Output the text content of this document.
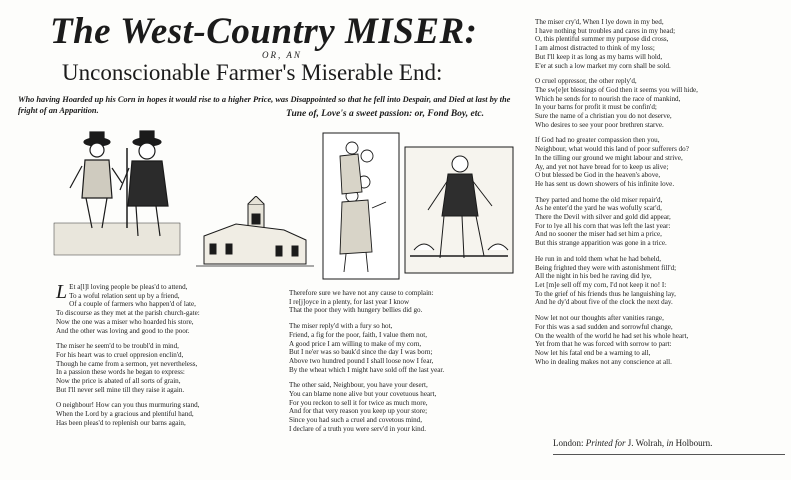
The West-Country MISER:
OR, AN
Unconscionable Farmer's Miserable End:
Who having Hoarded up his Corn in hopes it would rise to a higher Price, was Disappointed so that he fell into Despair, and Died at last by the fright of an Apparition.	Tune of, Love's a sweet passion: or, Fond Boy, etc.

L Et a[l]l loving people be pleas'd to attend,
To a woful relation sent up by a friend,
Of a couple of farmers who happen'd of late,
To discourse as they met at the parish church-gate:
Now the one was a miser who hoarded his store,
And the other was loving and good to the poor.

The miser he seem'd to be troubl'd in mind,
For his heart was to cruel oppresion enclin'd,
Though he came from a sermon, yet nevertheless,
In a passion these words he began to express:
Now the price is abated of all sorts of grain,
But I'll never sell mine till they raise it again.

O neighbour! How can you thus murmuring stand,
When the Lord by a gracious and plentiful hand,
Has been pleas'd to replenish our barns again,

Therefore sure we have not any cause to complain:
I re[j]oyce in a plenty, for last year I know
That the poor they with hungery bellies did go.

The miser reply'd with a fury so hot,
Friend, a fig for the poor, faith, I value them not,
A good price I am willing to make of my corn,
But I ne'er was so bauk'd since the day I was born;
Above two hundred pound I shall loose now I fear,
By the wheat which I might have sold off the last year.

The other said, Neighbour, you have your desert,
You can blame none alive but your covetuous heart,
For you reckon to sell it for twice as much more,
And for that very reason you keep up your store;
Since you had such a cruel and covetous mind,
I declare of a truth you were serv'd in your kind.

The miser cry'd, When I lye down in my bed,
I have nothing but troubles and cares in my head;
O, this plentiful summer my purpose did cross,
I am almost distracted to think of my loss;
But I'll keep it as long as my barns will hold,
E'er at such a low market my corn shall be sold.

O cruel oppressor, the other reply'd,
The sw[e]et blessings of God then it seems you will hide,
Which he sends for to nourish the race of mankind,
In your barns for profit it must be confin'd;
Sure the name of a christian you do not deserve,
Who desires to see your poor brethren starve.

If God had no greater compassion then you,
Neighbour, what would this land of poor sufferers do?
In the tilling our ground we might labour and strive,
Ay, and yet not have bread for to keep us alive;
O but blessed be God in the heaven's above,
He has sent us down showers of his infinite love.

They parted and home the old miser repair'd,
As he enter'd the yard he was wofully scar'd,
There the Devil with silver and gold did appear,
For to lye all his corn that was left the last year:
And no sooner the miser had set him a price,
But this strange apparition was gone in a trice.

He run in and told them what he had beheld,
Being frighted they were with astonishment fill'd;
All the night in his bed he raving did lye,
Let [m]e sell off my corn, I'd not keep it no! I:
To the grief of his friends thus he languishing lay,
And he dy'd about five of the clock the next day.

Now let not our thoughts after vanities range,
For this was a sad sudden and sorrowful change,
On the wealth of the world he had set his whole heart,
Yet from that he was forced with sorrow to part:
Now let his fatal end be a warning to all,
Who in dealing makes not any conscience at all.

London: Printed for J. Wolrah, in Holbourn.
